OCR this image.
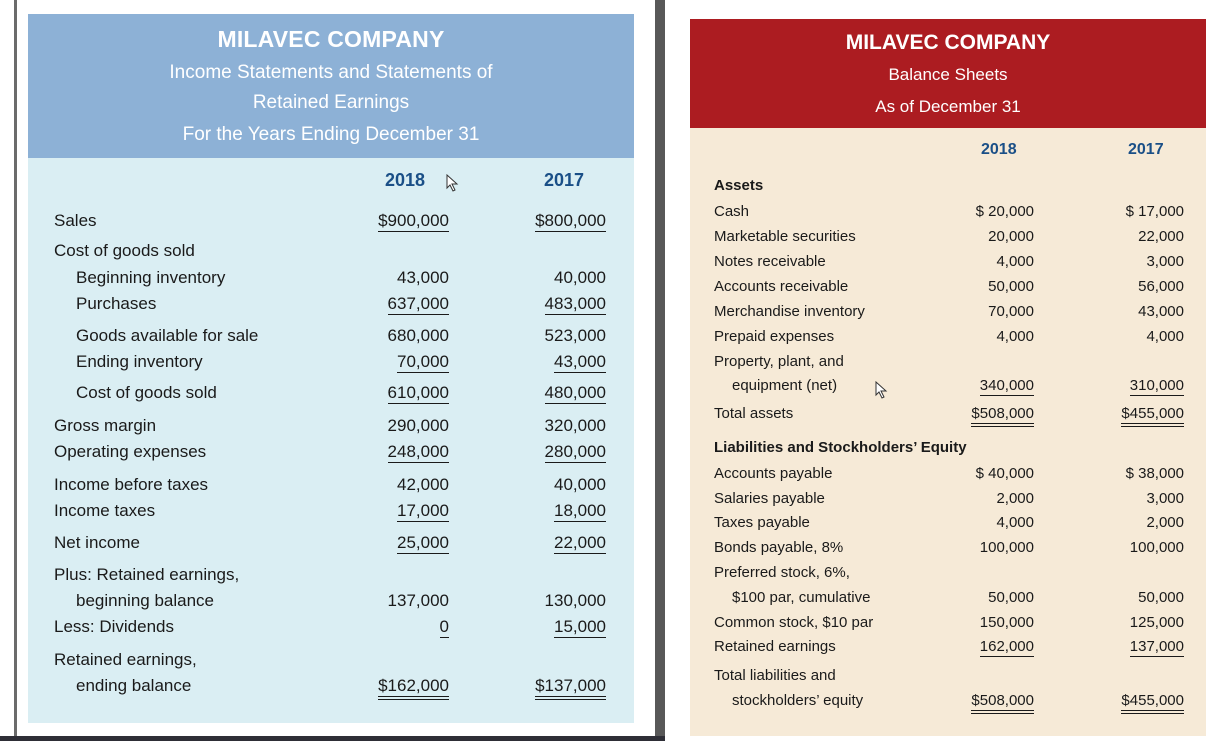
MILAVEC COMPANY
Income Statements and Statements of
Retained Earnings
For the Years Ending December 31
2018	2017
Sales	$900,000	$800,000
Cost of goods sold
Beginning inventory	43,000	40,000
Purchases	637,000	483,000
Goods available for sale	680,000	523,000
Ending inventory	70,000	43,000
Cost of goods sold	610,000	480,000
Gross margin	290,000	320,000
Operating expenses	248,000	280,000
Income before taxes	42,000	40,000
Income taxes	17,000	18,000
Net income	25,000	22,000
Plus: Retained earnings,
beginning balance	137,000	130,000
Less: Dividends	0	15,000
Retained earnings,
ending balance	$162,000	$137,000
MILAVEC COMPANY
Balance Sheets
As of December 31
2018	2017
Assets
Cash	$ 20,000	$ 17,000
Marketable securities	20,000	22,000
Notes receivable	4,000	3,000
Accounts receivable	50,000	56,000
Merchandise inventory	70,000	43,000
Prepaid expenses	4,000	4,000
Property, plant, and
equipment (net)	340,000	310,000
Total assets	$508,000	$455,000
Liabilities and Stockholders’ Equity
Accounts payable	$ 40,000	$ 38,000
Salaries payable	2,000	3,000
Taxes payable	4,000	2,000
Bonds payable, 8%	100,000	100,000
Preferred stock, 6%,
$100 par, cumulative	50,000	50,000
Common stock, $10 par	150,000	125,000
Retained earnings	162,000	137,000
Total liabilities and
stockholders’ equity	$508,000	$455,000
